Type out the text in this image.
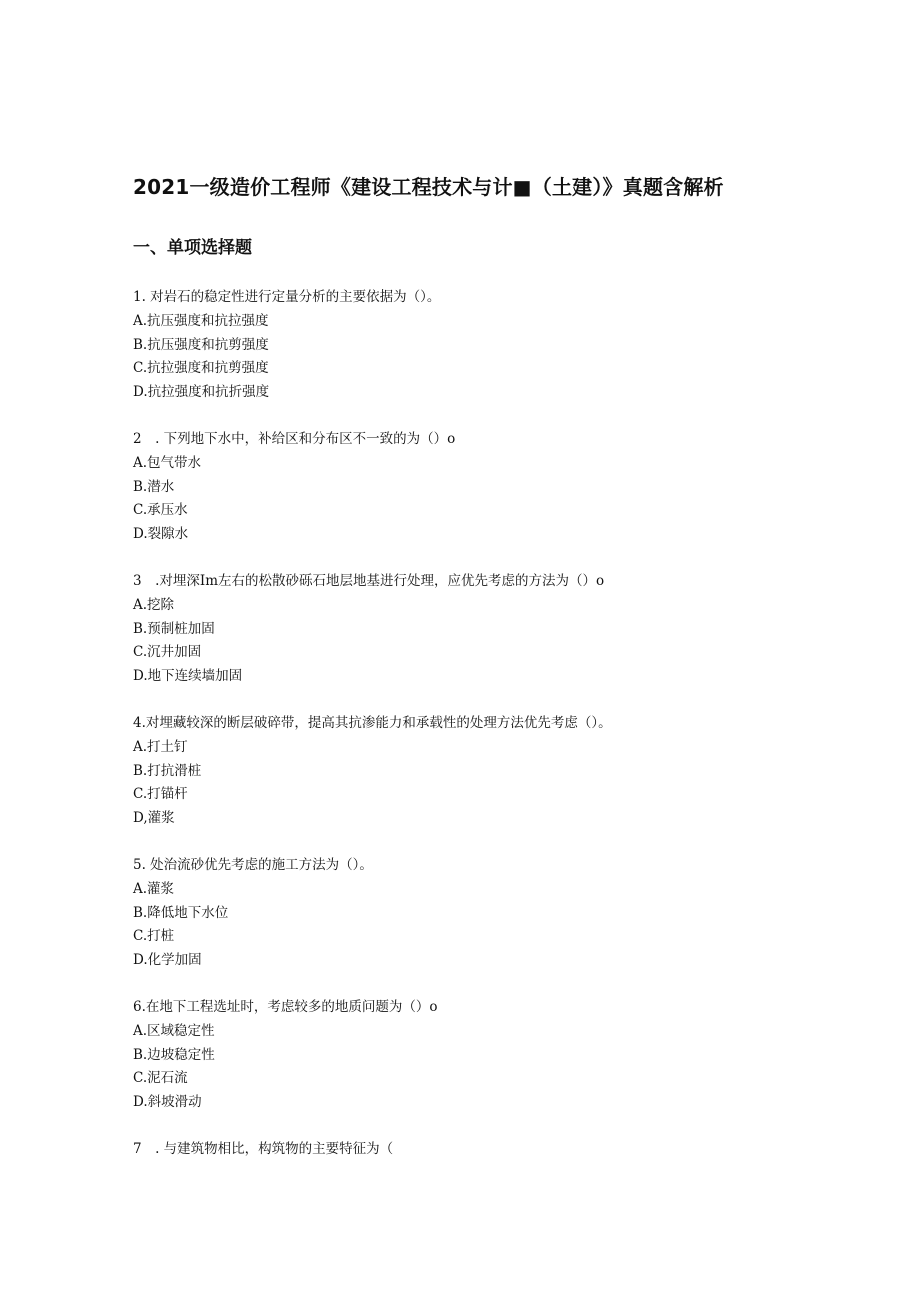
2021一级造价工程师《建设工程技术与计■（土建）》真题含解析
一、单项选择题
1. 对岩石的稳定性进行定量分析的主要依据为（）。
A.抗压强度和抗拉强度
B.抗压强度和抗剪强度
C.抗拉强度和抗剪强度
D.抗拉强度和抗折强度
2　. 下列地下水中，补给区和分布区不一致的为（）o
A.包气带水
B.潜水
C.承压水
D.裂隙水
3　.对埋深Im左右的松散砂砾石地层地基进行处理，应优先考虑的方法为（）o
A.挖除
B.预制桩加固
C.沉井加固
D.地下连续墙加固
4.对埋藏较深的断层破碎带，提高其抗渗能力和承载性的处理方法优先考虑（）。
A.打土钉
B.打抗滑桩
C.打锚杆
D,灌浆
5. 处治流砂优先考虑的施工方法为（）。
A.灌浆
B.降低地下水位
C.打桩
D.化学加固
6.在地下工程选址时，考虑较多的地质问题为（）o
A.区域稳定性
B.边坡稳定性
C.泥石流
D.斜坡滑动
7　. 与建筑物相比，构筑物的主要特征为（
